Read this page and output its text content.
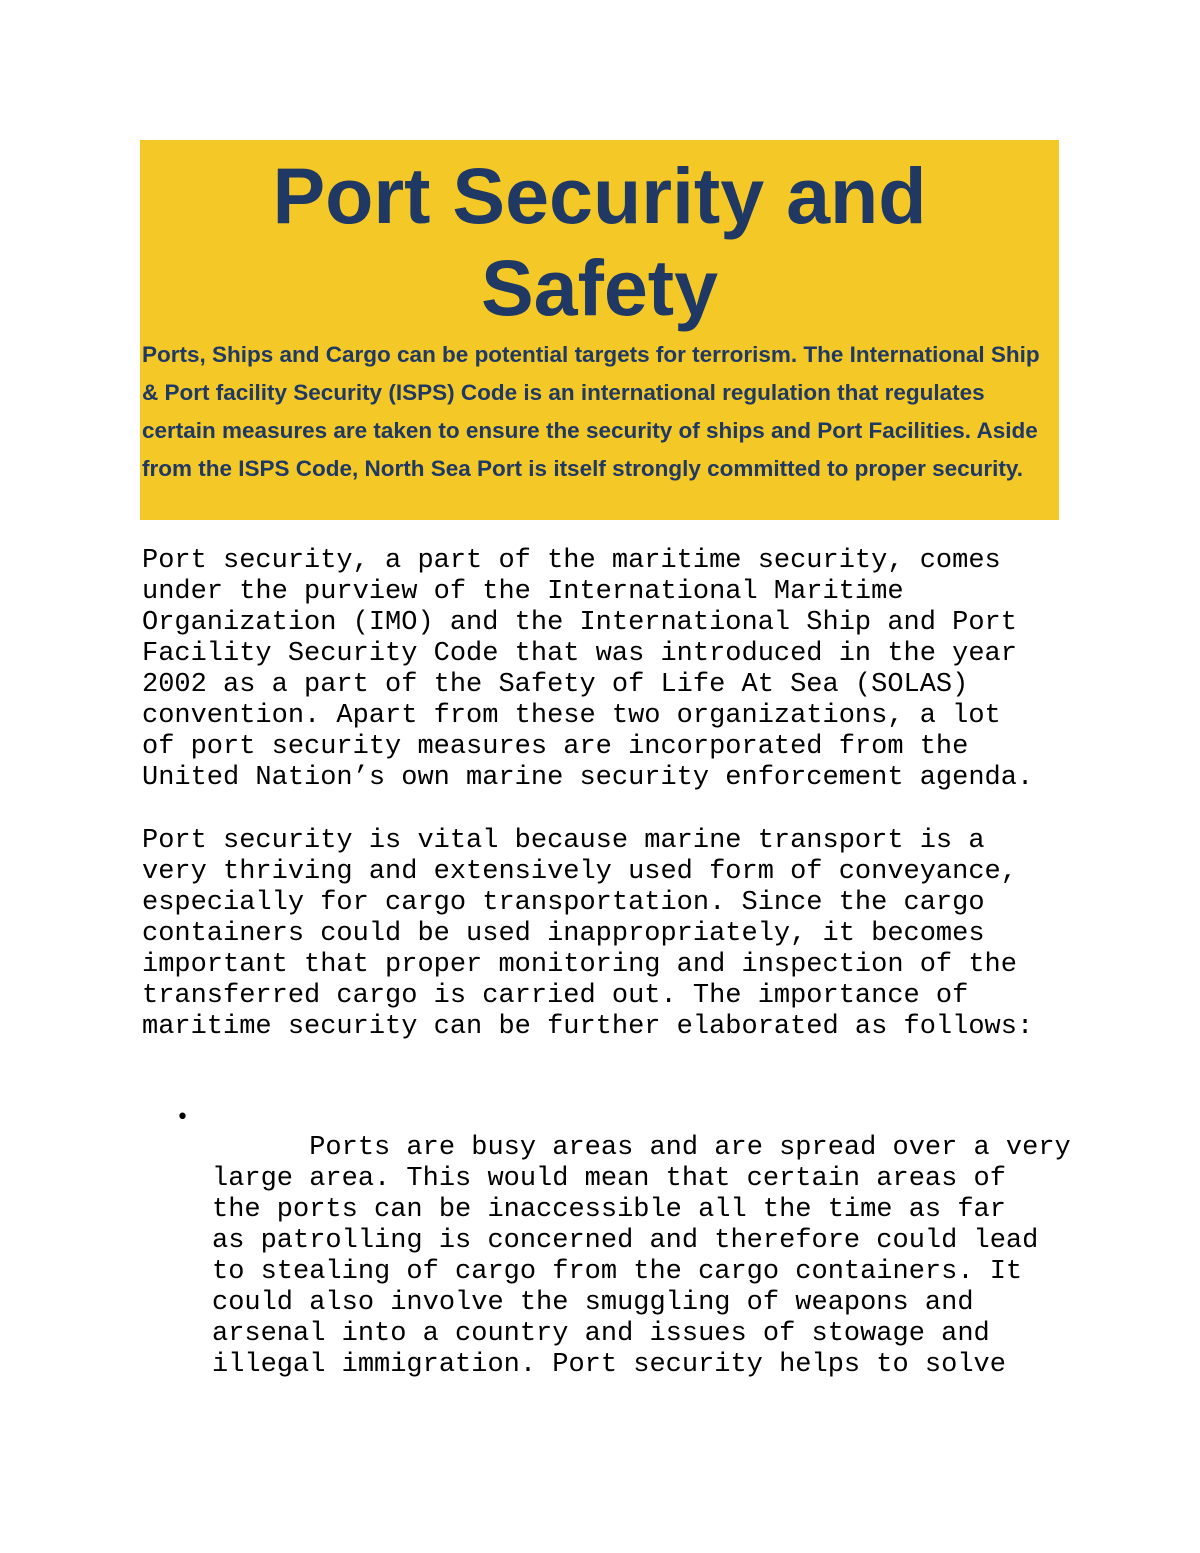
Port Security and
Safety

Ports, Ships and Cargo can be potential targets for terrorism. The International Ship & Port facility Security (ISPS) Code is an international regulation that regulates certain measures are taken to ensure the security of ships and Port Facilities. Aside from the ISPS Code, North Sea Port is itself strongly committed to proper security.

Port security, a part of the maritime security, comes
under the purview of the International Maritime
Organization (IMO) and the International Ship and Port
Facility Security Code that was introduced in the year
2002 as a part of the Safety of Life At Sea (SOLAS)
convention. Apart from these two organizations, a lot
of port security measures are incorporated from the
United Nation’s own marine security enforcement agenda.

Port security is vital because marine transport is a
very thriving and extensively used form of conveyance,
especially for cargo transportation. Since the cargo
containers could be used inappropriately, it becomes
important that proper monitoring and inspection of the
transferred cargo is carried out. The importance of
maritime security can be further elaborated as follows:

•
Ports are busy areas and are spread over a very
large area. This would mean that certain areas of
the ports can be inaccessible all the time as far
as patrolling is concerned and therefore could lead
to stealing of cargo from the cargo containers. It
could also involve the smuggling of weapons and
arsenal into a country and issues of stowage and
illegal immigration. Port security helps to solve
